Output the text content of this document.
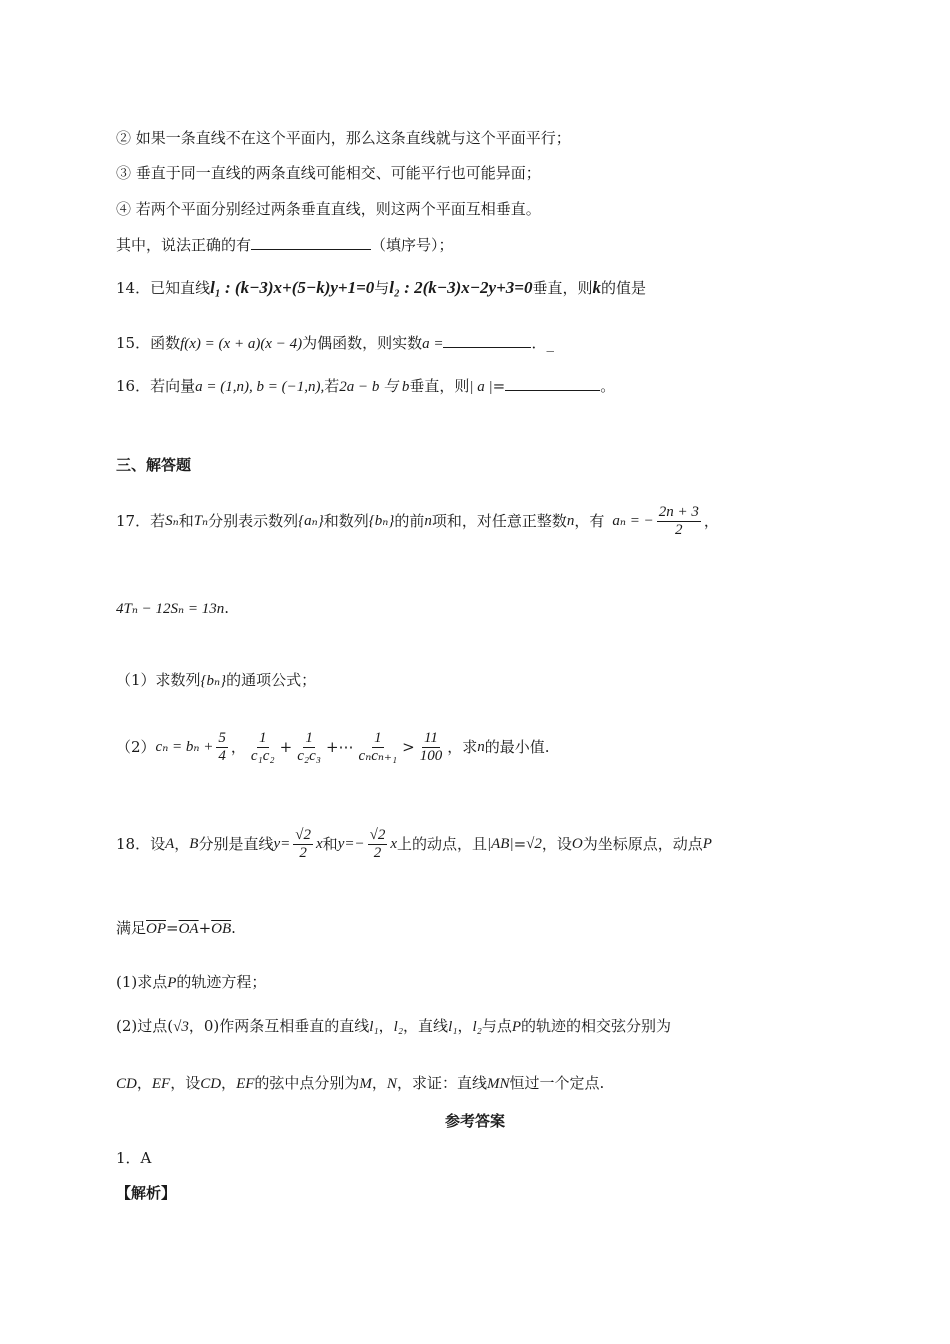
② 如果一条直线不在这个平面内，那么这条直线就与这个平面平行；
③ 垂直于同一直线的两条直线可能相交、可能平行也可能异面；
④ 若两个平面分别经过两条垂直直线，则这两个平面互相垂直。
其中，说法正确的有	（填序号）；
14．已知直线l₁ : (k−3)x+(5−k)y+1=0与l₂ : 2(k−3)x−2y+3=0垂直，则k的值是
15．函数f(x) = (x + a)(x − 4)为偶函数，则实数a =	．_
16．若向量a = (1,n), b = (−1,n),若2a − b 与 b垂直，则| a |=	。
三、解答题
17． 若 Sₙ 和 Tₙ 分别表示数列 {aₙ} 和数列 {bₙ} 的前 n 项和，对任意正整数 n ，有 aₙ = − $\frac{2n + 3}{2}$ ，
4Tₙ − 12Sₙ = 13n.
（1）求数列{bₙ}的通项公式；
（2） $c_n = b_n + \frac{5}{4}$ ， $\frac{1}{\text{c₁c₂}} + \frac{1}{\text{c₂c₃}}$ +⋯ $\frac{1}{\text{cₙcₙ₊₁}} > \frac{11}{100}$ ，求 n 的最小值.
18． 设 A ， B 分别是直线 $y= \frac{√2}{2}$ x 和 $y=- \frac{√2}{2}$ x 上的动点，且 |AB| = √2 ，设 O 为坐标原点，动点 P
满足$\overline{OP}=\overline{OA}+\overline{OB}$.
(1)求点P的轨迹方程；
(2)过点(√3，0)作两条互相垂直的直线l₁，l₂，直线l₁，l₂与点P的轨迹的相交弦分别为
CD，EF，设CD，EF的弦中点分别为M，N，求证：直线MN恒过一个定点.
参考答案
1．A
【解析】
